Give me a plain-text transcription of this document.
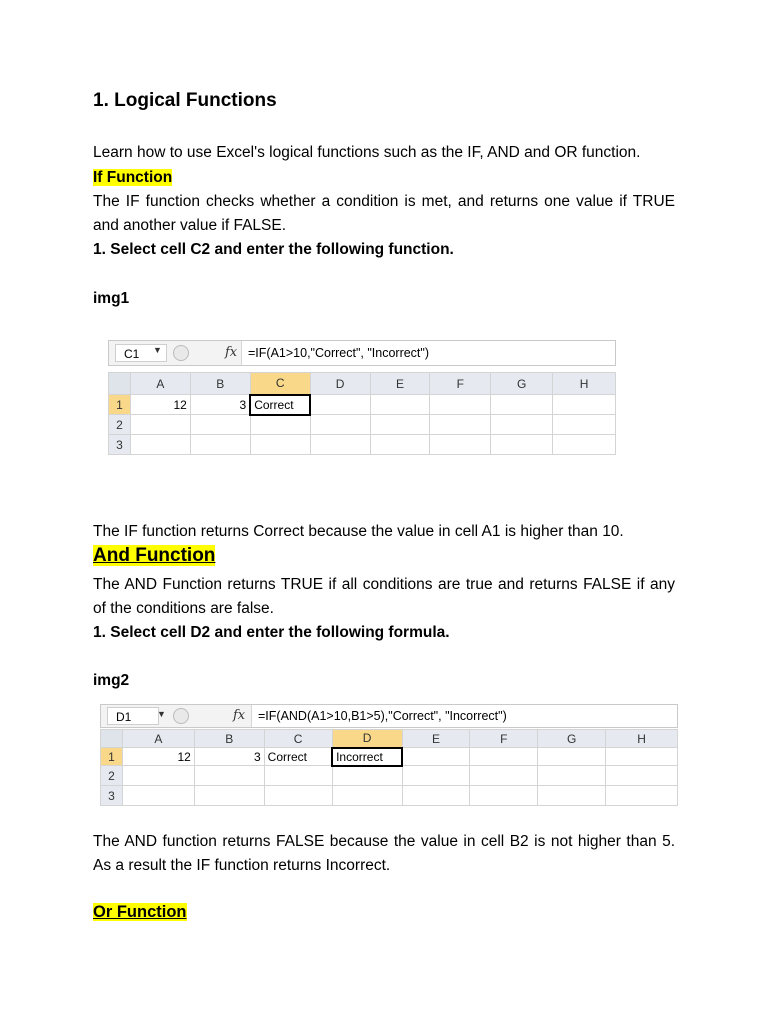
1. Logical Functions
Learn how to use Excel's logical functions such as the IF, AND and OR function.
If Function
The IF function checks whether a condition is met, and returns one value if TRUE and another value if FALSE.
1. Select cell C2 and enter the following function.
img1
C1	▼	fx =IF(A1>10,"Correct", "Incorrect")
	A	B	C	D	E	F	G	H
1	12	3	Correct					
2								
3								
The IF function returns Correct because the value in cell A1 is higher than 10.
And Function
The AND Function returns TRUE if all conditions are true and returns FALSE if any of the conditions are false.
1. Select cell D2 and enter the following formula.
img2
D1	▼	fx	=IF(AND(A1>10,B1>5),"Correct", "Incorrect")
	A	B	C	D	E	F	G	H
1	12	3	Correct	Incorrect				
2								
3								
The AND function returns FALSE because the value in cell B2 is not higher than 5. As a result the IF function returns Incorrect.
Or Function
